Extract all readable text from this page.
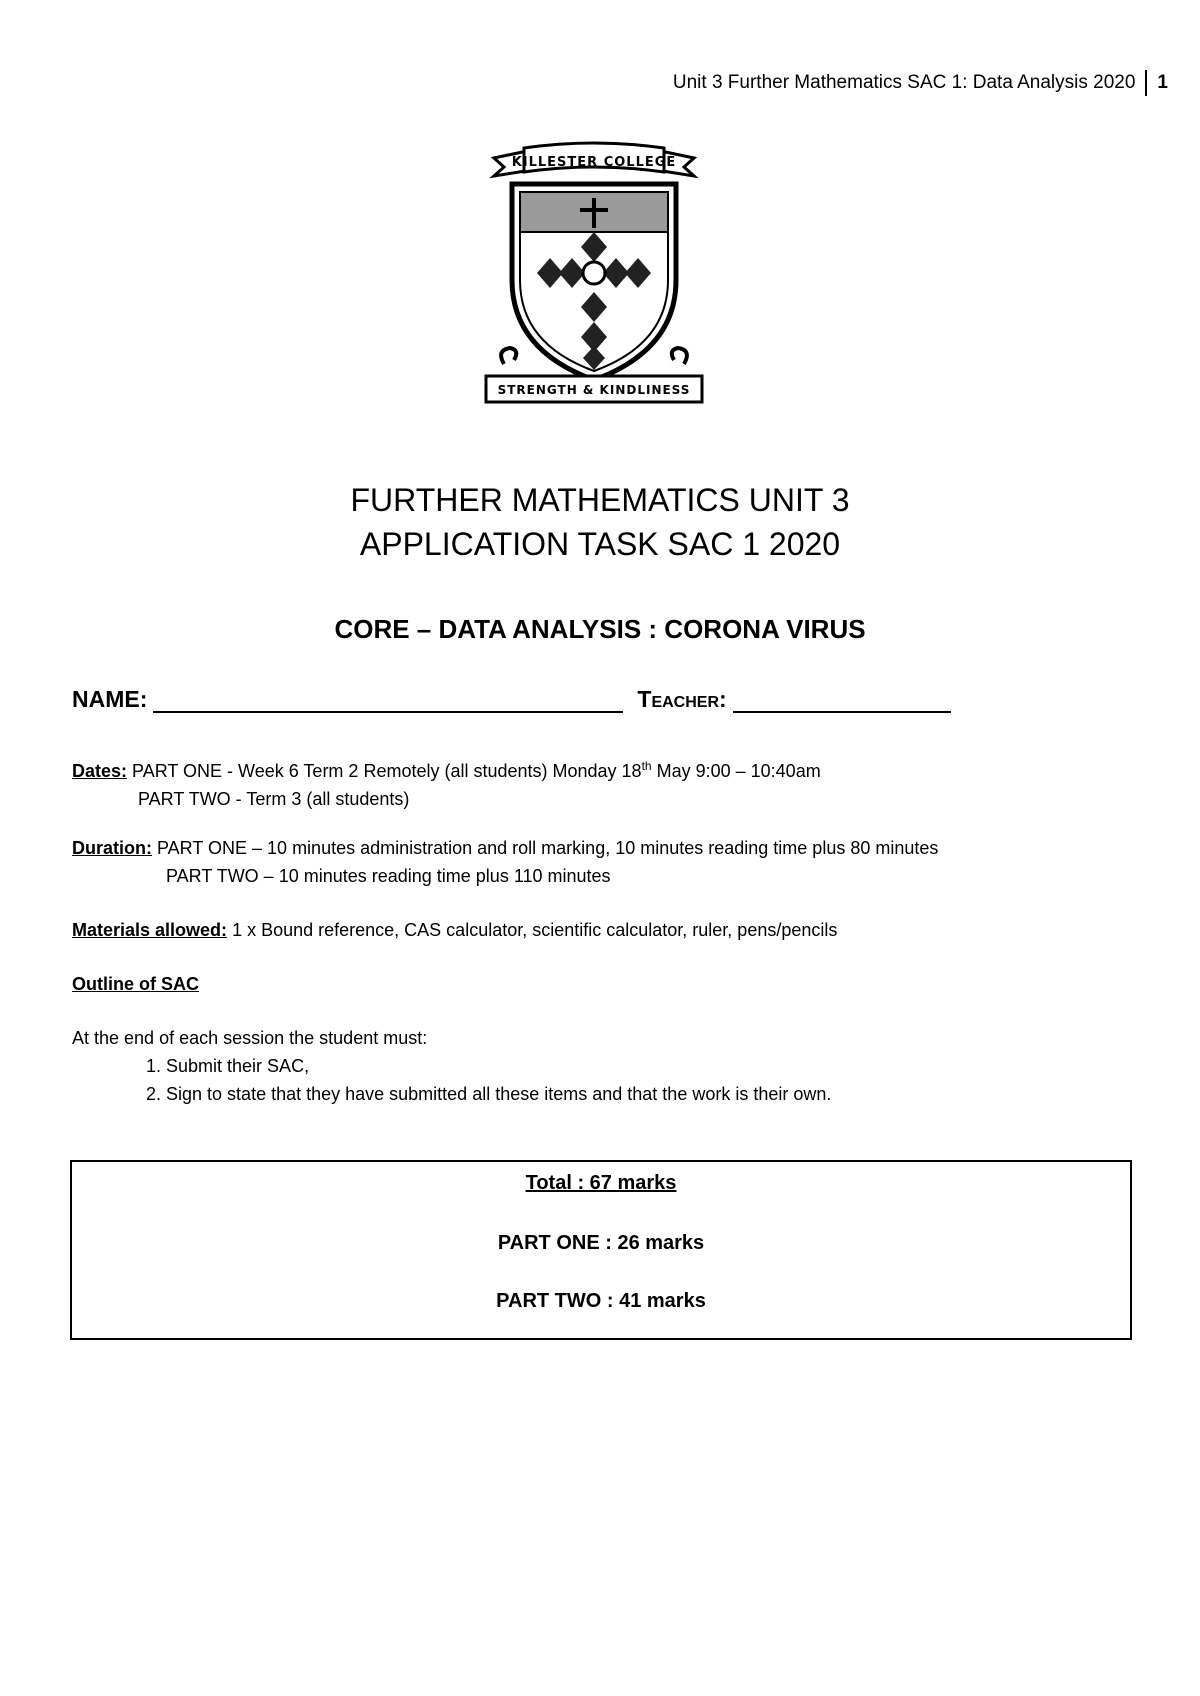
Unit 3 Further Mathematics SAC 1: Data Analysis 2020 1
KILLESTER COLLEGE
STRENGTH & KINDLINESS
FURTHER MATHEMATICS UNIT 3
APPLICATION TASK SAC 1 2020
CORE – DATA ANALYSIS : CORONA VIRUS
NAME:	Teacher:
Dates: PART ONE - Week 6 Term 2 Remotely (all students) Monday 18th May 9:00 – 10:40am
PART TWO - Term 3 (all students)
Duration: PART ONE – 10 minutes administration and roll marking, 10 minutes reading time plus 80 minutes
PART TWO – 10 minutes reading time plus 110 minutes
Materials allowed: 1 x Bound reference, CAS calculator, scientific calculator, ruler, pens/pencils
Outline of SAC
At the end of each session the student must:
1. Submit their SAC,
2. Sign to state that they have submitted all these items and that the work is their own.
Total : 67 marks
PART ONE : 26 marks
PART TWO : 41 marks
